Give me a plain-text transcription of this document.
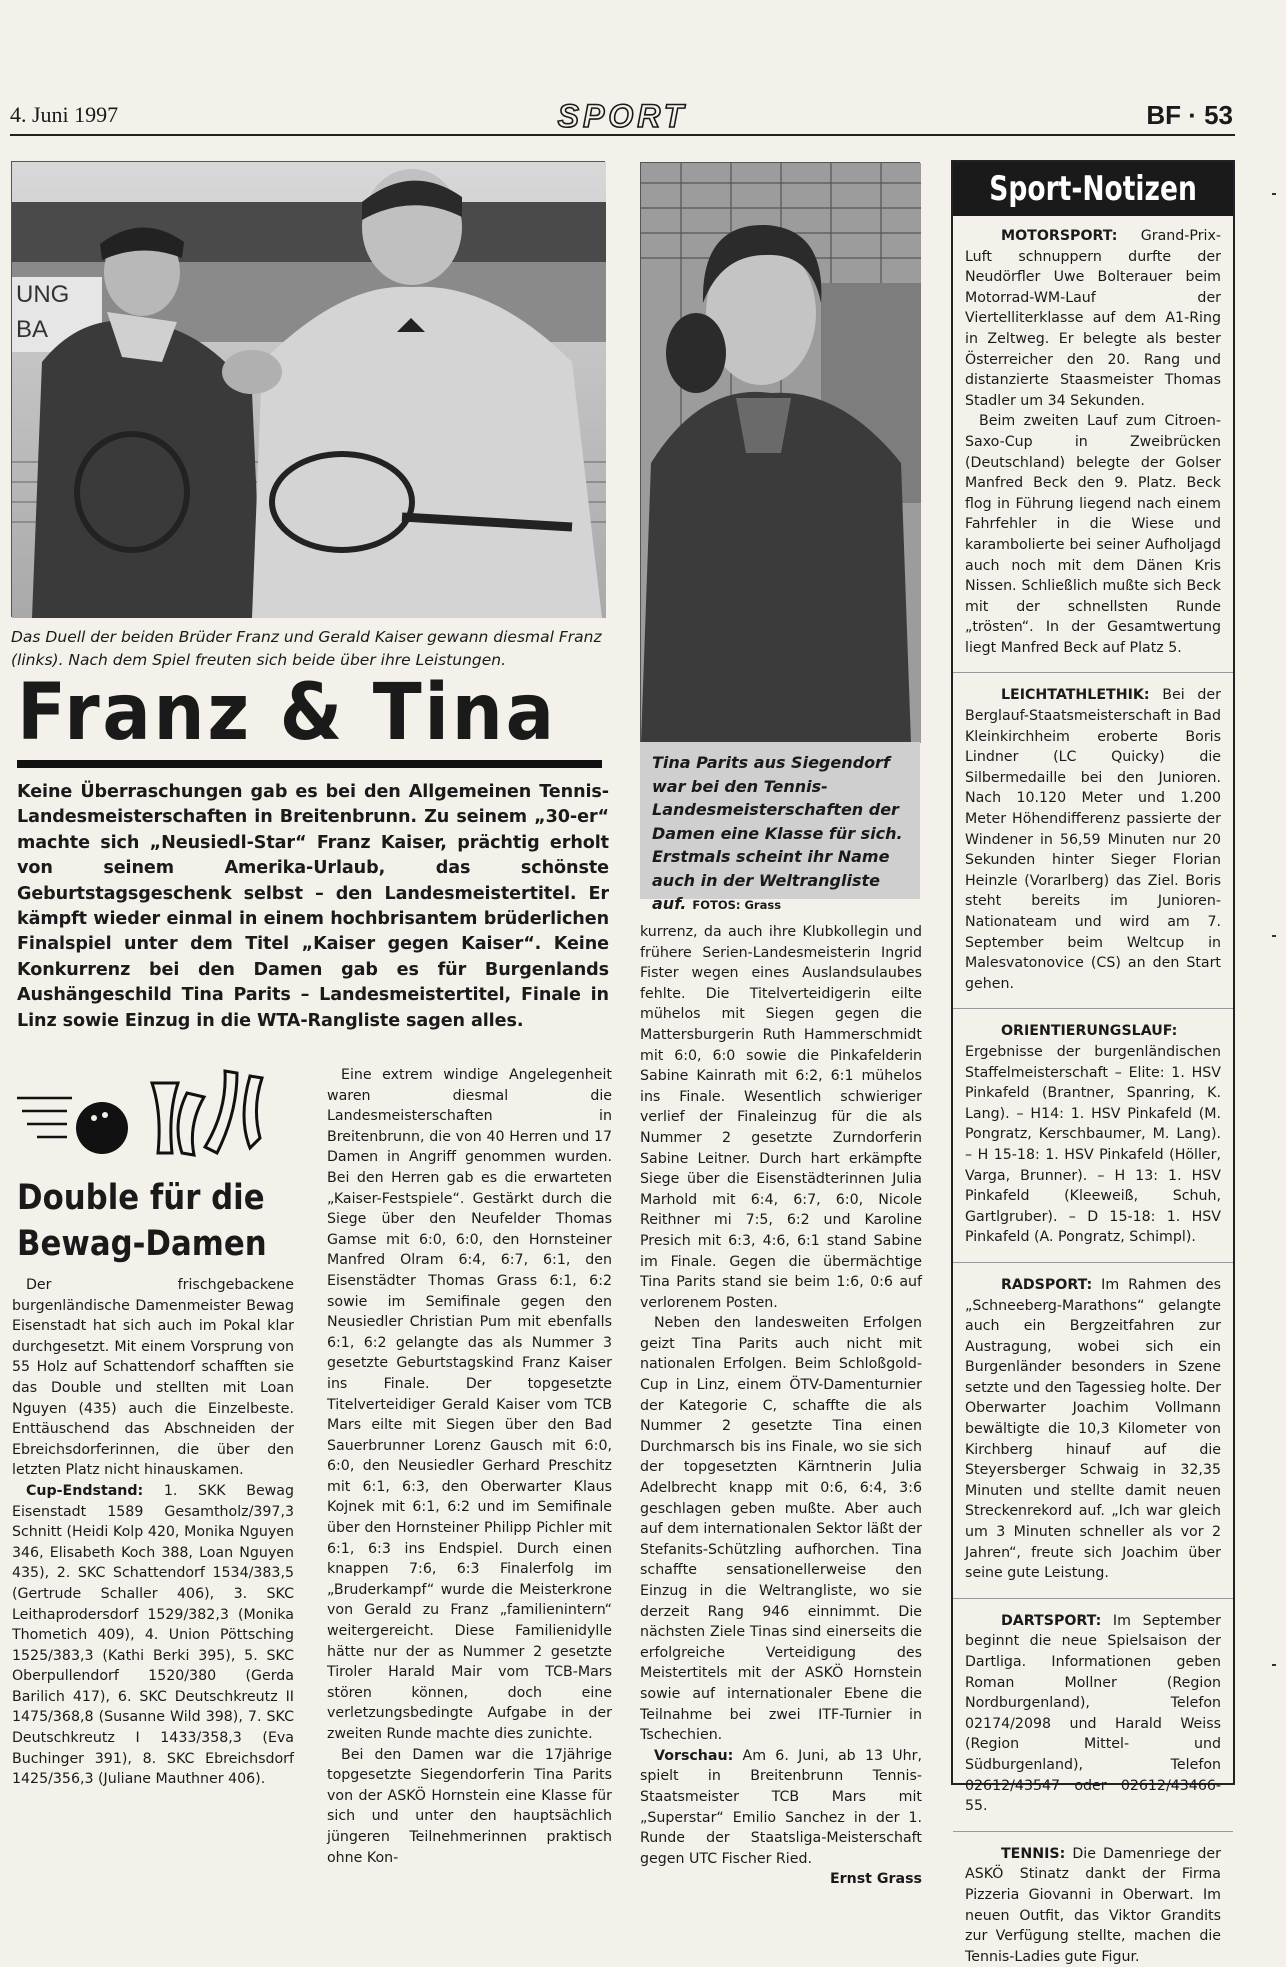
4. Juni 1997	SPORT	BF · 53
UNG
BA
Das Duell der beiden Brüder Franz und Gerald Kaiser gewann diesmal Franz (links). Nach dem Spiel freuten sich beide über ihre Leistungen.
Tina Parits aus Siegendorf war bei den Tennis-Landesmeisterschaften der Damen eine Klasse für sich. Erstmals scheint ihr Name auch in der Weltrangliste auf. FOTOS: Grass
Franz & Tina
Keine Überraschungen gab es bei den Allgemeinen Tennis-Landesmeisterschaften in Breitenbrunn. Zu seinem „30-er“ machte sich „Neusiedl-Star“ Franz Kaiser, prächtig erholt von seinem Amerika-Urlaub, das schönste Geburtstagsgeschenk selbst – den Landesmeistertitel. Er kämpft wieder einmal in einem hochbrisantem brüderlichen Finalspiel unter dem Titel „Kaiser gegen Kaiser“. Keine Konkurrenz bei den Damen gab es für Burgenlands Aushängeschild Tina Parits – Landesmeistertitel, Finale in Linz sowie Einzug in die WTA-Rangliste sagen alles.
Double für die Bewag-Damen

Der frischgebackene burgenländische Damenmeister Bewag Eisenstadt hat sich auch im Pokal klar durchgesetzt. Mit einem Vorsprung von 55 Holz auf Schattendorf schafften sie das Double und stellten mit Loan Nguyen (435) auch die Einzelbeste. Enttäuschend das Abschneiden der Ebreichsdorferinnen, die über den letzten Platz nicht hinauskamen.

Cup-Endstand: 1. SKK Bewag Eisenstadt 1589 Gesamtholz/397,3 Schnitt (Heidi Kolp 420, Monika Nguyen 346, Elisabeth Koch 388, Loan Nguyen 435), 2. SKC Schattendorf 1534/383,5 (Gertrude Schaller 406), 3. SKC Leithaprodersdorf 1529/382,3 (Monika Thometich 409), 4. Union Pöttsching 1525/383,3 (Kathi Berki 395), 5. SKC Oberpullendorf 1520/380 (Gerda Barilich 417), 6. SKC Deutschkreutz II 1475/368,8 (Susanne Wild 398), 7. SKC Deutschkreutz I 1433/358,3 (Eva Buchinger 391), 8. SKC Ebreichsdorf 1425/356,3 (Juliane Mauthner 406).

Eine extrem windige Angelegenheit waren diesmal die Landesmeisterschaften in Breitenbrunn, die von 40 Herren und 17 Damen in Angriff genommen wurden. Bei den Herren gab es die erwarteten „Kaiser-Festspiele“. Gestärkt durch die Siege über den Neufelder Thomas Gamse mit 6:0, 6:0, den Hornsteiner Manfred Olram 6:4, 6:7, 6:1, den Eisenstädter Thomas Grass 6:1, 6:2 sowie im Semifinale gegen den Neusiedler Christian Pum mit ebenfalls 6:1, 6:2 gelangte das als Nummer 3 gesetzte Geburtstagskind Franz Kaiser ins Finale. Der topgesetzte Titelverteidiger Gerald Kaiser vom TCB Mars eilte mit Siegen über den Bad Sauerbrunner Lorenz Gausch mit 6:0, 6:0, den Neusiedler Gerhard Preschitz mit 6:1, 6:3, den Oberwarter Klaus Kojnek mit 6:1, 6:2 und im Semifinale über den Hornsteiner Philipp Pichler mit 6:1, 6:3 ins Endspiel. Durch einen knappen 7:6, 6:3 Finalerfolg im „Bruderkampf“ wurde die Meisterkrone von Gerald zu Franz „familienintern“ weitergereicht. Diese Familienidylle hätte nur der as Nummer 2 gesetzte Tiroler Harald Mair vom TCB-Mars stören können, doch eine verletzungsbedingte Aufgabe in der zweiten Runde machte dies zunichte.

Bei den Damen war die 17jährige topgesetzte Siegendorferin Tina Parits von der ASKÖ Hornstein eine Klasse für sich und unter den hauptsächlich jüngeren Teilnehmerinnen praktisch ohne Kon-

kurrenz, da auch ihre Klubkollegin und frühere Serien-Landesmeisterin Ingrid Fister wegen eines Auslandsulaubes fehlte. Die Titelverteidigerin eilte mühelos mit Siegen gegen die Mattersburgerin Ruth Hammerschmidt mit 6:0, 6:0 sowie die Pinkafelderin Sabine Kainrath mit 6:2, 6:1 mühelos ins Finale. Wesentlich schwieriger verlief der Finaleinzug für die als Nummer 2 gesetzte Zurndorferin Sabine Leitner. Durch hart erkämpfte Siege über die Eisenstädterinnen Julia Marhold mit 6:4, 6:7, 6:0, Nicole Reithner mi 7:5, 6:2 und Karoline Presich mit 6:3, 4:6, 6:1 stand Sabine im Finale. Gegen die übermächtige Tina Parits stand sie beim 1:6, 0:6 auf verlorenem Posten.

Neben den landesweiten Erfolgen geizt Tina Parits auch nicht mit nationalen Erfolgen. Beim Schloßgold-Cup in Linz, einem ÖTV-Damenturnier der Kategorie C, schaffte die als Nummer 2 gesetzte Tina einen Durchmarsch bis ins Finale, wo sie sich der topgesetzten Kärntnerin Julia Adelbrecht knapp mit 0:6, 6:4, 3:6 geschlagen geben mußte. Aber auch auf dem internationalen Sektor läßt der Stefanits-Schützling aufhorchen. Tina schaffte sensationellerweise den Einzug in die Weltrangliste, wo sie derzeit Rang 946 einnimmt. Die nächsten Ziele Tinas sind einerseits die erfolgreiche Verteidigung des Meistertitels mit der ASKÖ Hornstein sowie auf internationaler Ebene die Teilnahme bei zwei ITF-Turnier in Tschechien.

Vorschau: Am 6. Juni, ab 13 Uhr, spielt in Breitenbrunn Tennis-Staatsmeister TCB Mars mit „Superstar“ Emilio Sanchez in der 1. Runde der Staatsliga-Meisterschaft gegen UTC Fischer Ried.

Ernst Grass
Sport-Notizen

MOTORSPORT: Grand-Prix-Luft schnuppern durfte der Neudörfler Uwe Bolterauer beim Motorrad-WM-Lauf der Viertelliterklasse auf dem A1-Ring in Zeltweg. Er belegte als bester Österreicher den 20. Rang und distanzierte Staasmeister Thomas Stadler um 34 Sekunden.

Beim zweiten Lauf zum Citroen-Saxo-Cup in Zweibrücken (Deutschland) belegte der Golser Manfred Beck den 9. Platz. Beck flog in Führung liegend nach einem Fahrfehler in die Wiese und karambolierte bei seiner Aufholjagd auch noch mit dem Dänen Kris Nissen. Schließlich mußte sich Beck mit der schnellsten Runde „trösten“. In der Gesamtwertung liegt Manfred Beck auf Platz 5.

LEICHTATHLETHIK: Bei der Berglauf-Staatsmeisterschaft in Bad Kleinkirchheim eroberte Boris Lindner (LC Quicky) die Silbermedaille bei den Junioren. Nach 10.120 Meter und 1.200 Meter Höhendifferenz passierte der Windener in 56,59 Minuten nur 20 Sekunden hinter Sieger Florian Heinzle (Vorarlberg) das Ziel. Boris steht bereits im Junioren-Nationateam und wird am 7. September beim Weltcup in Malesvatonovice (CS) an den Start gehen.

ORIENTIERUNGSLAUF: Ergebnisse der burgenländischen Staffelmeisterschaft – Elite: 1. HSV Pinkafeld (Brantner, Spanring, K. Lang). – H14: 1. HSV Pinkafeld (M. Pongratz, Kerschbaumer, M. Lang). – H 15-18: 1. HSV Pinkafeld (Höller, Varga, Brunner). – H 13: 1. HSV Pinkafeld (Kleeweiß, Schuh, Gartlgruber). – D 15-18: 1. HSV Pinkafeld (A. Pongratz, Schimpl).

RADSPORT: Im Rahmen des „Schneeberg-Marathons“ gelangte auch ein Bergzeitfahren zur Austragung, wobei sich ein Burgenländer besonders in Szene setzte und den Tagessieg holte. Der Oberwarter Joachim Vollmann bewältigte die 10,3 Kilometer von Kirchberg hinauf auf die Steyersberger Schwaig in 32,35 Minuten und stellte damit neuen Streckenrekord auf. „Ich war gleich um 3 Minuten schneller als vor 2 Jahren“, freute sich Joachim über seine gute Leistung.

DARTSPORT: Im September beginnt die neue Spielsaison der Dartliga. Informationen geben Roman Mollner (Region Nordburgenland), Telefon 02174/2098 und Harald Weiss (Region Mittel- und Südburgenland), Telefon 02612/43547 oder 02612/43466-55.

TENNIS: Die Damenriege der ASKÖ Stinatz dankt der Firma Pizzeria Giovanni in Oberwart. Im neuen Outfit, das Viktor Grandits zur Verfügung stellte, machen die Tennis-Ladies gute Figur.
